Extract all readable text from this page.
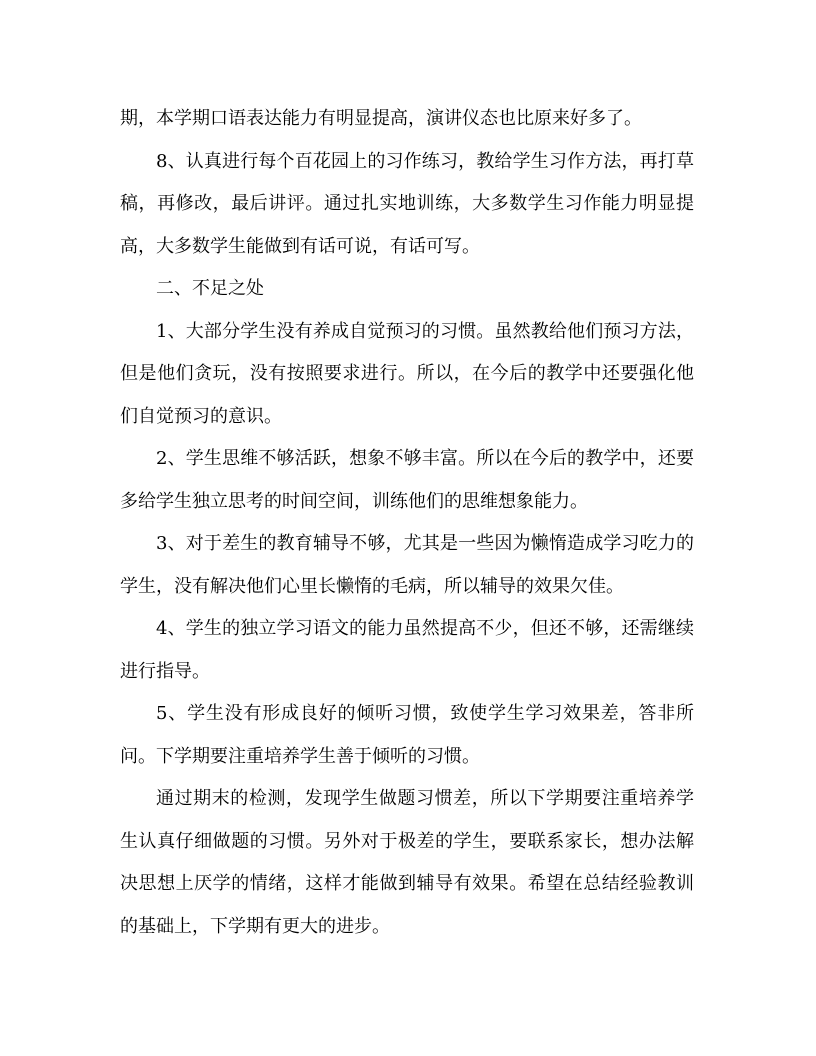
期，本学期口语表达能力有明显提高，演讲仪态也比原来好多了。

8、认真进行每个百花园上的习作练习，教给学生习作方法，再打草稿，再修改，最后讲评。通过扎实地训练，大多数学生习作能力明显提高，大多数学生能做到有话可说，有话可写。

二、不足之处

1、大部分学生没有养成自觉预习的习惯。虽然教给他们预习方法，但是他们贪玩，没有按照要求进行。所以，在今后的教学中还要强化他们自觉预习的意识。

2、学生思维不够活跃，想象不够丰富。所以在今后的教学中，还要多给学生独立思考的时间空间，训练他们的思维想象能力。

3、对于差生的教育辅导不够，尤其是一些因为懒惰造成学习吃力的学生，没有解决他们心里长懒惰的毛病，所以辅导的效果欠佳。

4、学生的独立学习语文的能力虽然提高不少，但还不够，还需继续进行指导。

5、学生没有形成良好的倾听习惯，致使学生学习效果差，答非所问。下学期要注重培养学生善于倾听的习惯。

通过期末的检测，发现学生做题习惯差，所以下学期要注重培养学生认真仔细做题的习惯。另外对于极差的学生，要联系家长，想办法解决思想上厌学的情绪，这样才能做到辅导有效果。希望在总结经验教训的基础上，下学期有更大的进步。
